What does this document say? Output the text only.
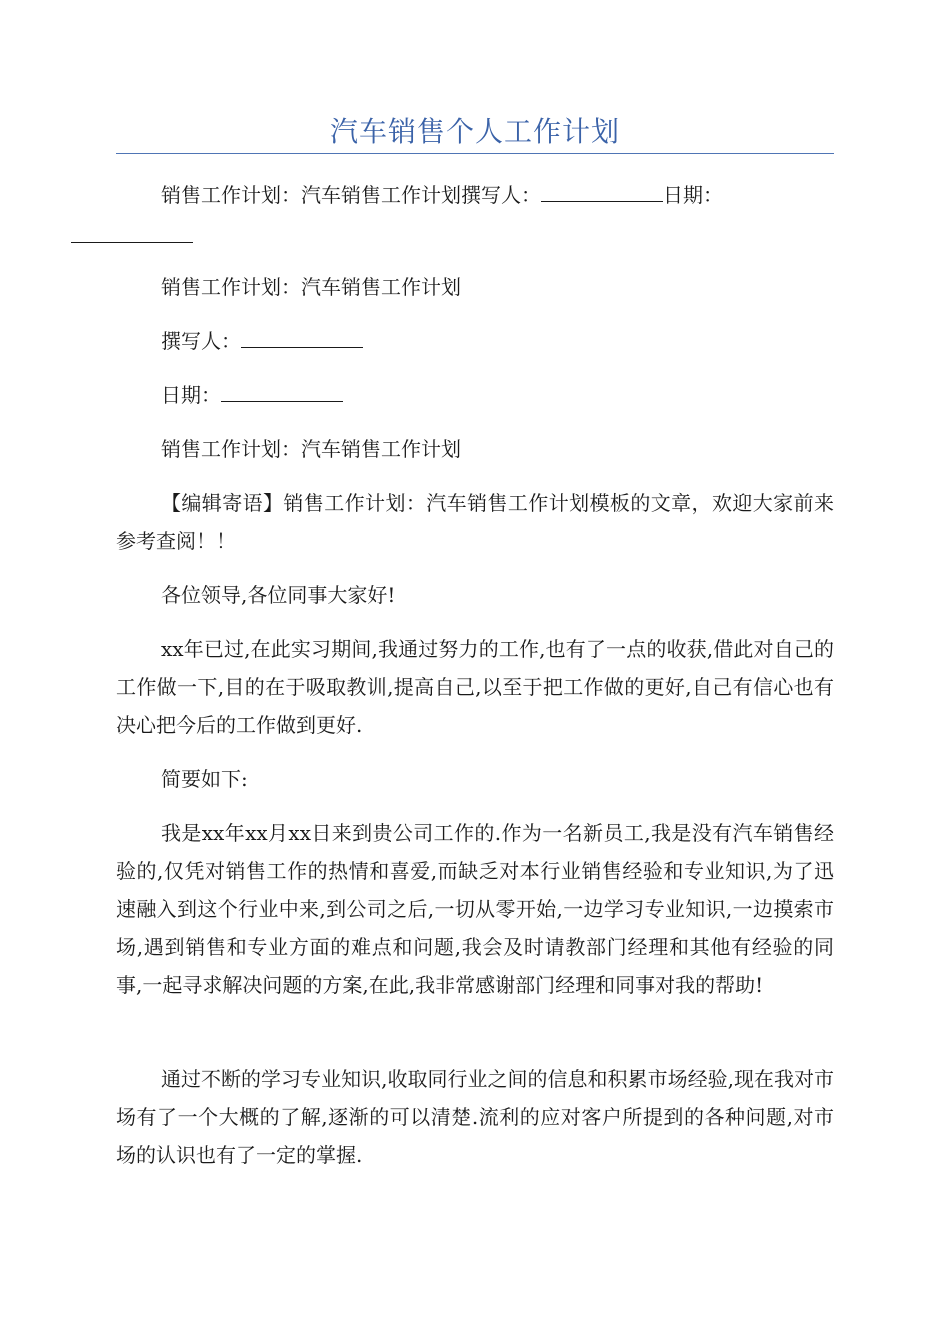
汽车销售个人工作计划

销售工作计划：汽车销售工作计划撰写人：	日期：

销售工作计划：汽车销售工作计划

撰写人：

日期：

销售工作计划：汽车销售工作计划

【编辑寄语】销售工作计划：汽车销售工作计划模板的文章，欢迎大家前来参考查阅！！

各位领导,各位同事大家好!

xx年已过,在此实习期间,我通过努力的工作,也有了一点的收获,借此对自己的工作做一下,目的在于吸取教训,提高自己,以至于把工作做的更好,自己有信心也有决心把今后的工作做到更好.

简要如下:

我是xx年xx月xx日来到贵公司工作的.作为一名新员工,我是没有汽车销售经验的,仅凭对销售工作的热情和喜爱,而缺乏对本行业销售经验和专业知识,为了迅速融入到这个行业中来,到公司之后,一切从零开始,一边学习专业知识,一边摸索市场,遇到销售和专业方面的难点和问题,我会及时请教部门经理和其他有经验的同事,一起寻求解决问题的方案,在此,我非常感谢部门经理和同事对我的帮助!

通过不断的学习专业知识,收取同行业之间的信息和积累市场经验,现在我对市场有了一个大概的了解,逐渐的可以清楚.流利的应对客户所提到的各种问题,对市场的认识也有了一定的掌握.
